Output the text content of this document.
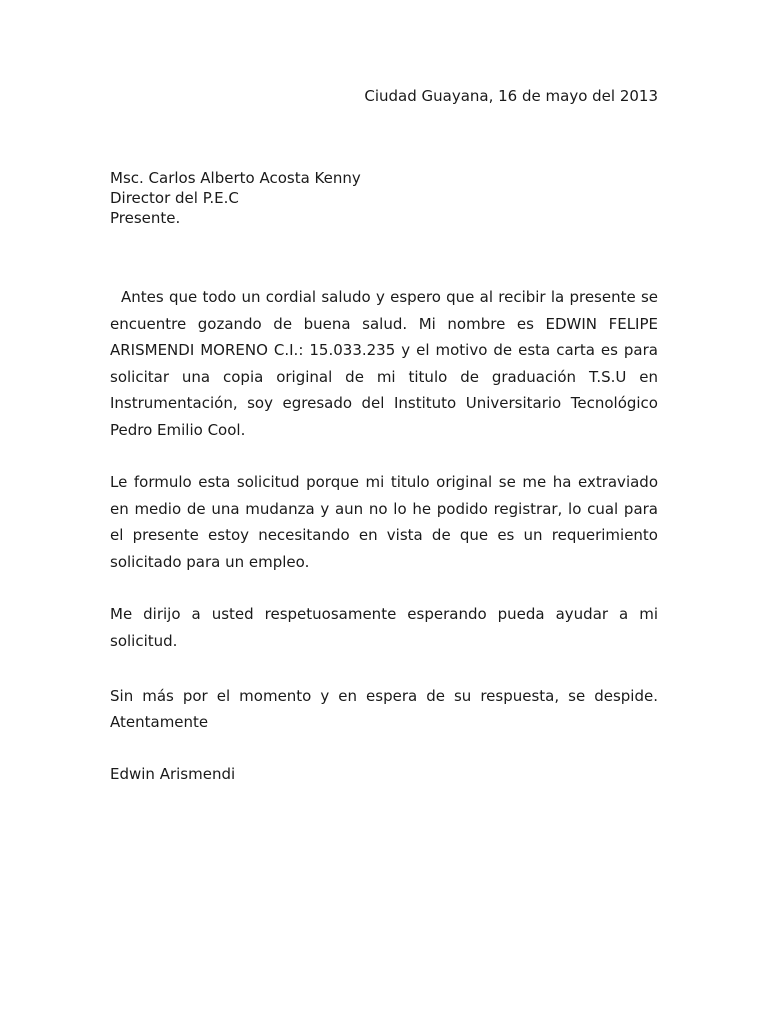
Ciudad Guayana, 16 de mayo del 2013
Msc. Carlos Alberto Acosta Kenny
Director del P.E.C
Presente.

Antes que todo un cordial saludo y espero que al recibir la presente se encuentre gozando de buena salud. Mi nombre es EDWIN FELIPE ARISMENDI MORENO C.I.: 15.033.235 y el motivo de esta carta es para solicitar una copia original de mi titulo de graduación T.S.U en Instrumentación, soy egresado del Instituto Universitario Tecnológico Pedro Emilio Cool.

Le formulo esta solicitud porque mi titulo original se me ha extraviado en medio de una mudanza y aun no lo he podido registrar, lo cual para el presente estoy necesitando en vista de que es un requerimiento solicitado para un empleo.

Me dirijo a usted respetuosamente esperando pueda ayudar a mi solicitud.

Sin más por el momento y en espera de su respuesta, se despide. Atentamente

Edwin Arismendi
